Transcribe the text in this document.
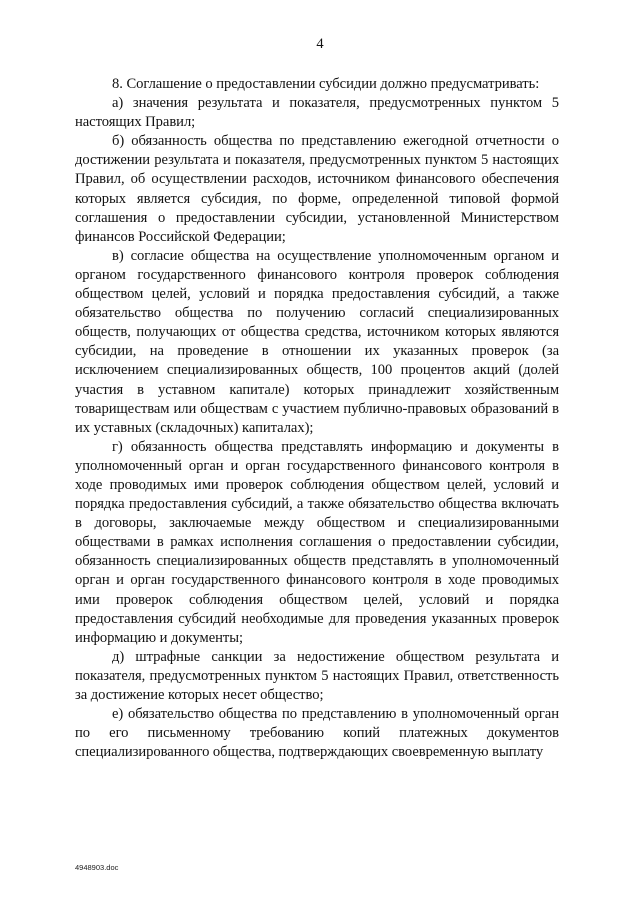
4

8. Соглашение о предоставлении субсидии должно предусматривать:

а) значения результата и показателя, предусмотренных пунктом 5 настоящих Правил;

б) обязанность общества по представлению ежегодной отчетности о достижении результата и показателя, предусмотренных пунктом 5 настоящих Правил, об осуществлении расходов, источником финансового обеспечения которых является субсидия, по форме, определенной типовой формой соглашения о предоставлении субсидии, установленной Министерством финансов Российской Федерации;

в) согласие общества на осуществление уполномоченным органом и органом государственного финансового контроля проверок соблюдения обществом целей, условий и порядка предоставления субсидий, а также обязательство общества по получению согласий специализированных обществ, получающих от общества средства, источником которых являются субсидии, на проведение в отношении их указанных проверок (за исключением специализированных обществ, 100 процентов акций (долей участия в уставном капитале) которых принадлежит хозяйственным товариществам или обществам с участием публично-правовых образований в их уставных (складочных) капиталах);

г) обязанность общества представлять информацию и документы в уполномоченный орган и орган государственного финансового контроля в ходе проводимых ими проверок соблюдения обществом целей, условий и порядка предоставления субсидий, а также обязательство общества включать в договоры, заключаемые между обществом и специализированными обществами в рамках исполнения соглашения о предоставлении субсидии, обязанность специализированных обществ представлять в уполномоченный орган и орган государственного финансового контроля в ходе проводимых ими проверок соблюдения обществом целей, условий и порядка предоставления субсидий необходимые для проведения указанных проверок информацию и документы;

д) штрафные санкции за недостижение обществом результата и показателя, предусмотренных пунктом 5 настоящих Правил, ответственность за достижение которых несет общество;

е) обязательство общества по представлению в уполномоченный орган по его письменному требованию копий платежных документов специализированного общества, подтверждающих своевременную выплату

4948903.doc
